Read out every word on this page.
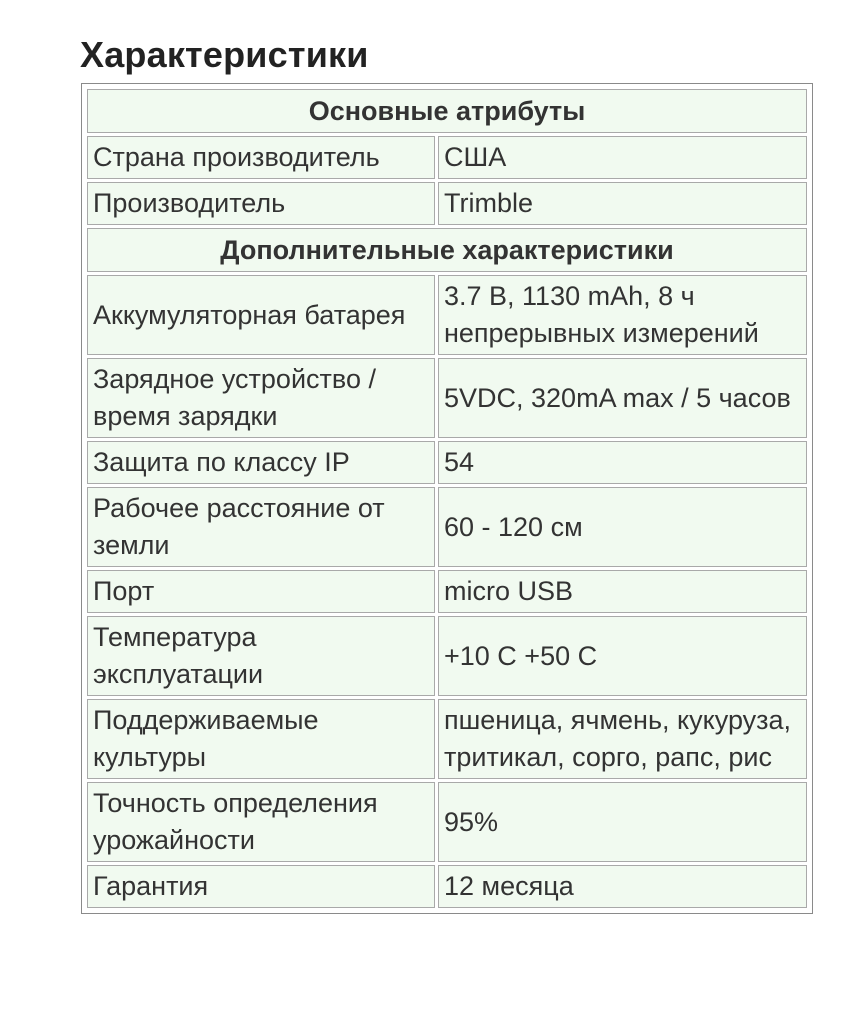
Характеристики
Основные атрибуты	
Страна производитель	США
Производитель	Trimble
Дополнительные характеристики	
Аккумуляторная батарея	3.7 В, 1130 mAh, 8 ч непрерывных измерений
Зарядное устройство / время зарядки	5VDC, 320mA max / 5 часов
Защита по классу IP	54
Рабочее расстояние от земли	60 - 120 см
Порт	micro USB
Температура эксплуатации	+10 С +50 С
Поддерживаемые культуры	пшеница, ячмень, кукуруза, тритикал, сорго, рапс, рис
Точность определения урожайности	95%
Гарантия	12 месяца
